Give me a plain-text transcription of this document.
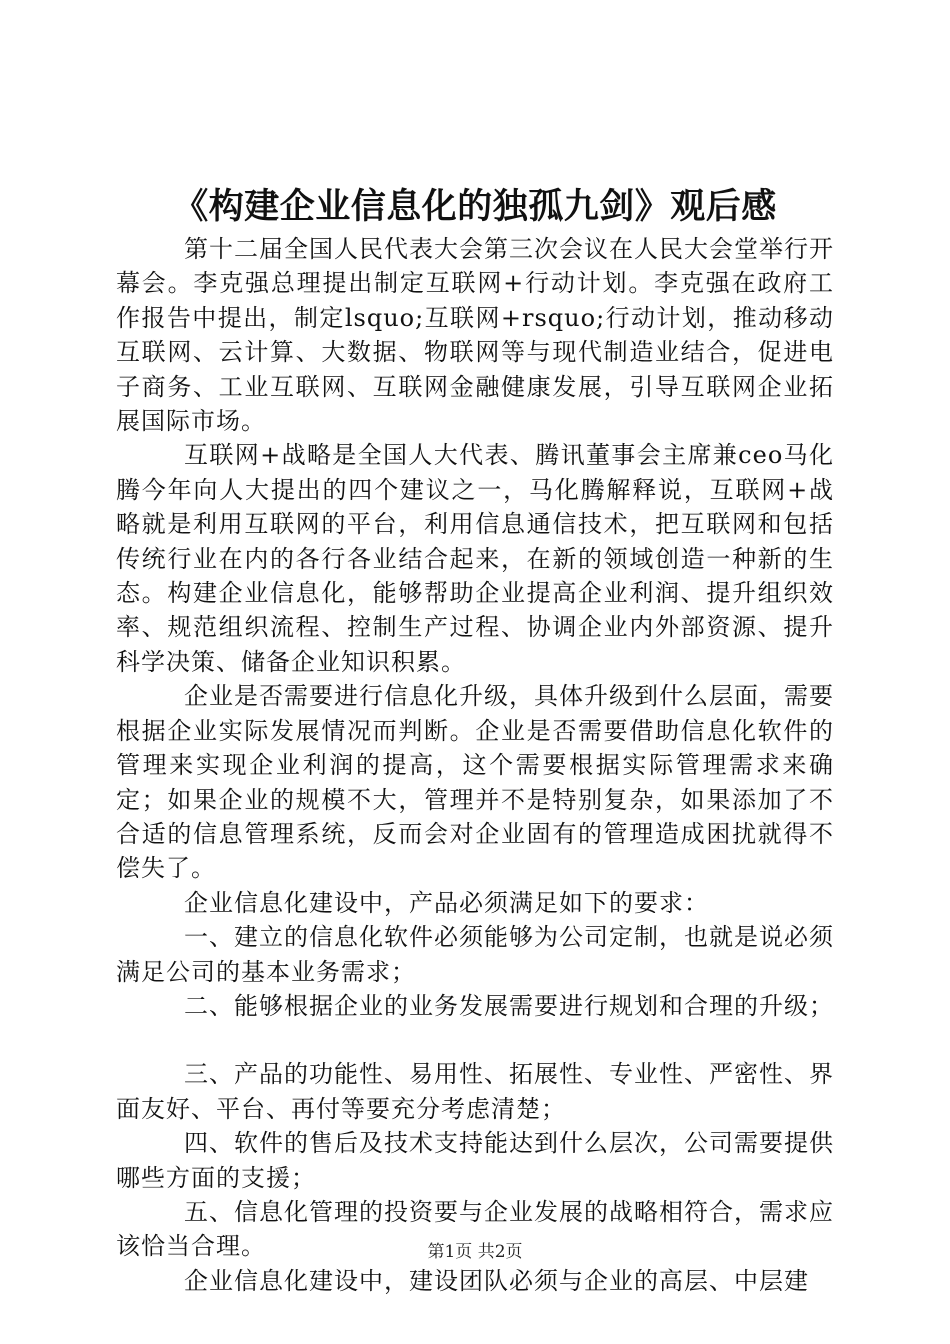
《构建企业信息化的独孤九剑》观后感

第十二届全国人民代表大会第三次会议在人民大会堂举行开幕会。李克强总理提出制定互联网+行动计划。李克强在政府工作报告中提出，制定lsquo;互联网+rsquo;行动计划，推动移动互联网、云计算、大数据、物联网等与现代制造业结合，促进电子商务、工业互联网、互联网金融健康发展，引导互联网企业拓展国际市场。

互联网+战略是全国人大代表、腾讯董事会主席兼ceo马化腾今年向人大提出的四个建议之一，马化腾解释说，互联网+战略就是利用互联网的平台，利用信息通信技术，把互联网和包括传统行业在内的各行各业结合起来，在新的领域创造一种新的生态。构建企业信息化，能够帮助企业提高企业利润、提升组织效率、规范组织流程、控制生产过程、协调企业内外部资源、提升科学决策、储备企业知识积累。

企业是否需要进行信息化升级，具体升级到什么层面，需要根据企业实际发展情况而判断。企业是否需要借助信息化软件的管理来实现企业利润的提高，这个需要根据实际管理需求来确定；如果企业的规模不大，管理并不是特别复杂，如果添加了不合适的信息管理系统，反而会对企业固有的管理造成困扰就得不偿失了。

企业信息化建设中，产品必须满足如下的要求：

一、建立的信息化软件必须能够为公司定制，也就是说必须满足公司的基本业务需求；

二、能够根据企业的业务发展需要进行规划和合理的升级；

三、产品的功能性、易用性、拓展性、专业性、严密性、界面友好、平台、再付等要充分考虑清楚；

四、软件的售后及技术支持能达到什么层次，公司需要提供哪些方面的支援；

五、信息化管理的投资要与企业发展的战略相符合，需求应该恰当合理。

企业信息化建设中，建设团队必须与企业的高层、中层建

第1页 共2页
